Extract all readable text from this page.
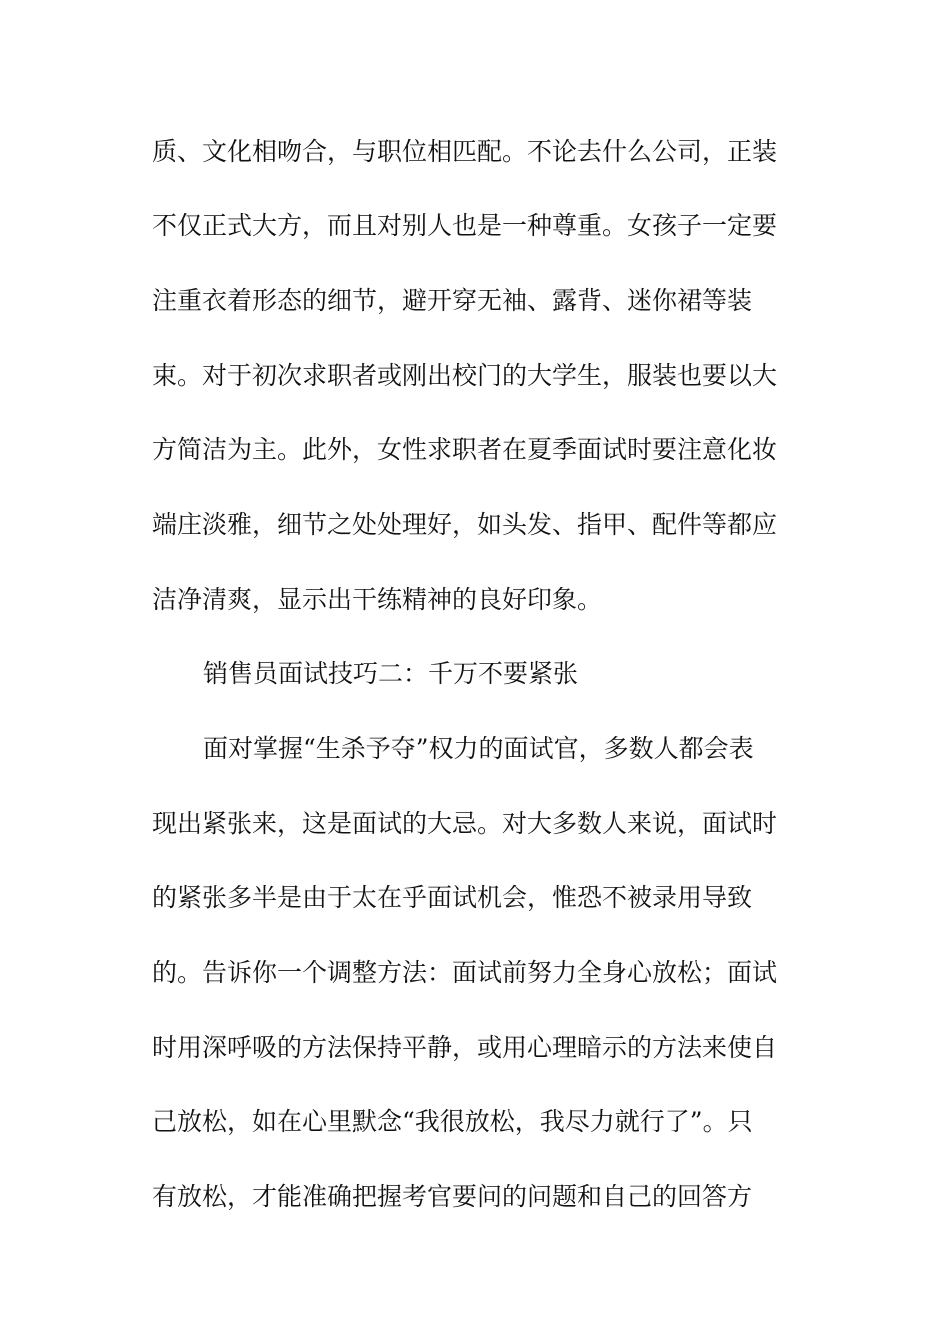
质、文化相吻合，与职位相匹配。不论去什么公司，正装

不仅正式大方，而且对别人也是一种尊重。女孩子一定要

注重衣着形态的细节，避开穿无袖、露背、迷你裙等装

束。对于初次求职者或刚出校门的大学生，服装也要以大

方简洁为主。此外，女性求职者在夏季面试时要注意化妆

端庄淡雅，细节之处处理好，如头发、指甲、配件等都应

洁净清爽，显示出干练精神的良好印象。

销售员面试技巧二：千万不要紧张

面对掌握“生杀予夺”权力的面试官，多数人都会表

现出紧张来，这是面试的大忌。对大多数人来说，面试时

的紧张多半是由于太在乎面试机会，惟恐不被录用导致

的。告诉你一个调整方法：面试前努力全身心放松；面试

时用深呼吸的方法保持平静，或用心理暗示的方法来使自

己放松，如在心里默念“我很放松，我尽力就行了”。只

有放松，才能准确把握考官要问的问题和自己的回答方
